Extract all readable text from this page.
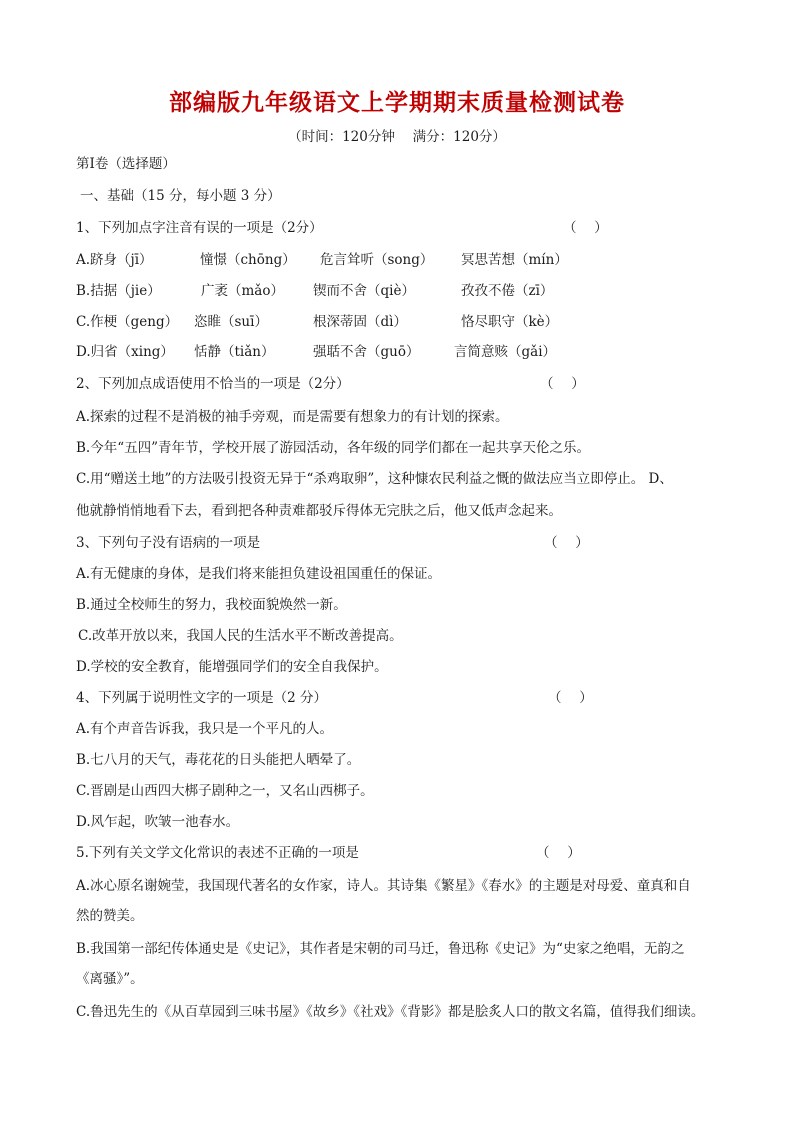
部编版九年级语文上学期期末质量检测试卷
（时间：120分钟　 满分：120分）
第Ⅰ卷（选择题）
一、基础（15 分，每小题 3 分）
1、下列加点字注音有误的一项是（2分）	（　 ）
A.跻身（jī）	憧憬（chōng） 危言耸听（song） 冥思苦想（mín）
B.拮据（jie）	广袤（mǎo） 锲而不舍（qiè）	孜孜不倦（zī）
C.作梗（geng） 恣睢（suī）	根深蒂固（dì）	恪尽职守（kè）
D.归省（xing） 恬静（tiǎn）	强聒不舍（guō）	言简意赅（gǎi）
2、下列加点成语使用不恰当的一项是（2分）	（　 ）
A.探索的过程不是消极的袖手旁观，而是需要有想象力的有计划的探索。
B.今年“五四”青年节，学校开展了游园活动，各年级的同学们都在一起共享天伦之乐。
C.用“赠送土地”的方法吸引投资无异于“杀鸡取卵”，这种慷农民利益之慨的做法应当立即停止。 D、
他就静悄悄地看下去，看到把各种责难都驳斥得体无完肤之后，他又低声念起来。
3、下列句子没有语病的一项是	（　 ）
A.有无健康的身体，是我们将来能担负建设祖国重任的保证。
B.通过全校师生的努力，我校面貌焕然一新。
C.改革开放以来，我国人民的生活水平不断改善提高。
D.学校的安全教育，能增强同学们的安全自我保护。
4、下列属于说明性文字的一项是（2 分）	（　 ）
A.有个声音告诉我，我只是一个平凡的人。
B.七八月的天气，毒花花的日头能把人晒晕了。
C.晋剧是山西四大梆子剧种之一，又名山西梆子。
D.风乍起，吹皱一池春水。
5.下列有关文学文化常识的表述不正确的一项是	（　 ）
A.冰心原名谢婉莹，我国现代著名的女作家，诗人。其诗集《繁星》《春水》的主题是对母爱、童真和自
然的赞美。
B.我国第一部纪传体通史是《史记》，其作者是宋朝的司马迁，鲁迅称《史记》为“史家之绝唱，无韵之
《离骚》”。
C.鲁迅先生的《从百草园到三味书屋》《故乡》《社戏》《背影》都是脍炙人口的散文名篇，值得我们细读。
